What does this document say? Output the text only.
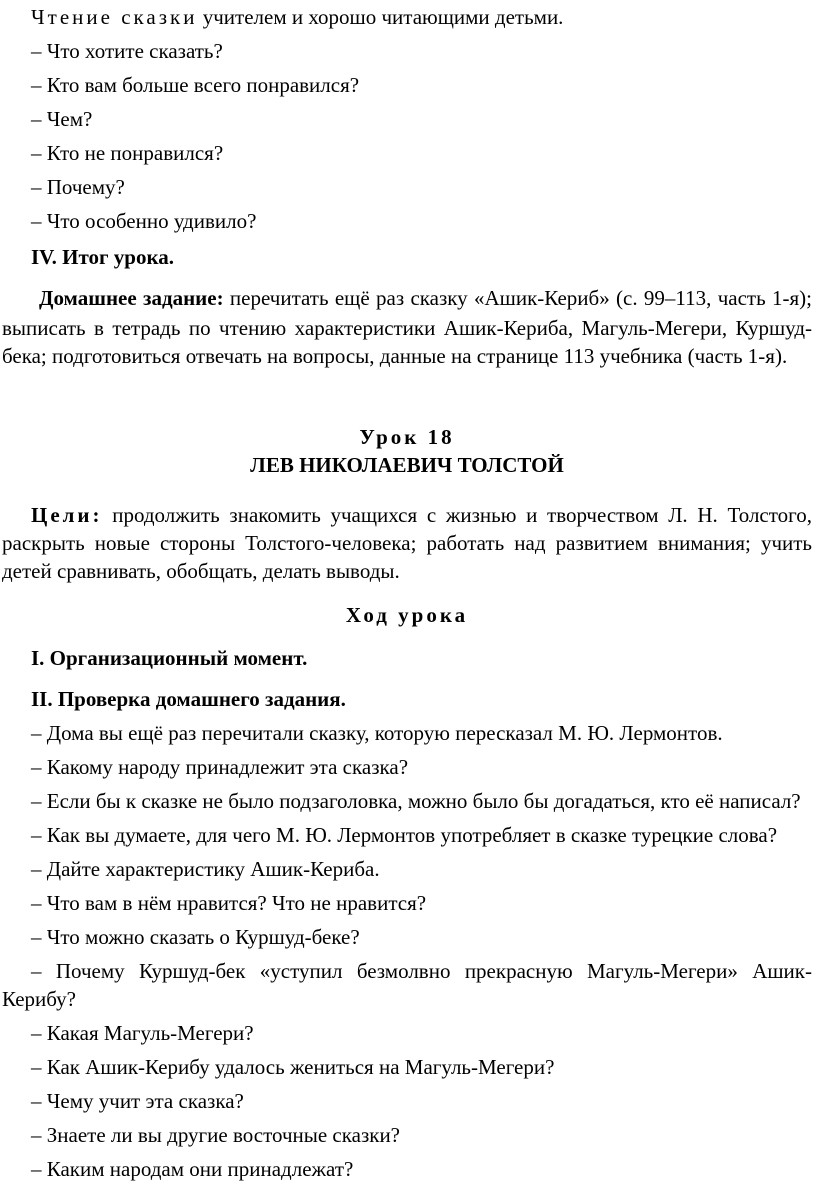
Чтение сказки учителем и хорошо читающими детьми.

– Что хотите сказать?

– Кто вам больше всего понравился?

– Чем?

– Кто не понравился?

– Почему?

– Что особенно удивило?

IV. Итог урока.

Домашнее задание: перечитать ещё раз сказку «Ашик-Кериб» (с. 99–113, часть 1-я); выписать в тетрадь по чтению характеристики Ашик-Кериба, Магуль-Мегери, Куршуд-бека; подготовиться отвечать на вопросы, данные на странице 113 учебника (часть 1-я).

Урок 18

ЛЕВ НИКОЛАЕВИЧ ТОЛСТОЙ

Цели: продолжить знакомить учащихся с жизнью и творчеством Л. Н. Толстого, раскрыть новые стороны Толстого-человека; работать над развитием внимания; учить детей сравнивать, обобщать, делать выводы.

Ход урока

I. Организационный момент.

II. Проверка домашнего задания.

– Дома вы ещё раз перечитали сказку, которую пересказал М. Ю. Лермонтов.

– Какому народу принадлежит эта сказка?

– Если бы к сказке не было подзаголовка, можно было бы догадаться, кто её написал?

– Как вы думаете, для чего М. Ю. Лермонтов употребляет в сказке турецкие слова?

– Дайте характеристику Ашик-Кериба.

– Что вам в нём нравится? Что не нравится?

– Что можно сказать о Куршуд-беке?

– Почему Куршуд-бек «уступил безмолвно прекрасную Магуль-Мегери» Ашик-Керибу?

– Какая Магуль-Мегери?

– Как Ашик-Керибу удалось жениться на Магуль-Мегери?

– Чему учит эта сказка?

– Знаете ли вы другие восточные сказки?

– Каким народам они принадлежат?
